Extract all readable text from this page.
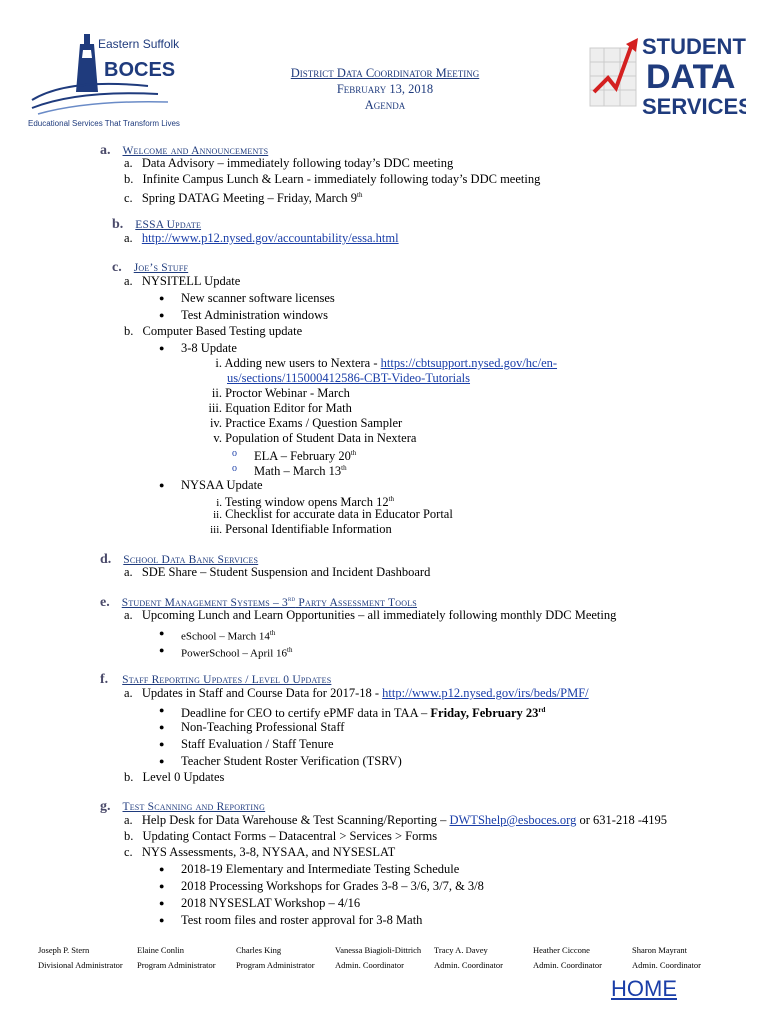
Eastern Suffolk
BOCES
Educational Services That Transform Lives
STUDENT
DATA
SERVICES
District Data Coordinator Meeting
February 13, 2018
Agenda
a. Welcome and Announcements
a. Data Advisory – immediately following today’s DDC meeting
b. Infinite Campus Lunch & Learn - immediately following today’s DDC meeting
c. Spring DATAG Meeting – Friday, March 9th
b. ESSA Update
a. http://www.p12.nysed.gov/accountability/essa.html
c. Joe’s Stuff
a. NYSITELL Update
● New scanner software licenses
● Test Administration windows
b. Computer Based Testing update
● 3-8 Update
i. Adding new users to Nextera - https://cbtsupport.nysed.gov/hc/en-
us/sections/115000412586-CBT-Video-Tutorials
ii. Proctor Webinar - March
iii. Equation Editor for Math
iv. Practice Exams / Question Sampler
v. Population of Student Data in Nextera
o ELA – February 20th
o Math – March 13th
● NYSAA Update
i. Testing window opens March 12th
ii. Checklist for accurate data in Educator Portal
iii. Personal Identifiable Information
d. School Data Bank Services
a. SDE Share – Student Suspension and Incident Dashboard
e. Student Management Systems – 3rd Party Assessment Tools
a. Upcoming Lunch and Learn Opportunities – all immediately following monthly DDC Meeting
● eSchool – March 14th
● PowerSchool – April 16th
f. Staff Reporting Updates / Level 0 Updates
a. Updates in Staff and Course Data for 2017-18 - http://www.p12.nysed.gov/irs/beds/PMF/
● Deadline for CEO to certify ePMF data in TAA – Friday, February 23rd
● Non-Teaching Professional Staff
● Staff Evaluation / Staff Tenure
● Teacher Student Roster Verification (TSRV)
b. Level 0 Updates
g. Test Scanning and Reporting
a. Help Desk for Data Warehouse & Test Scanning/Reporting – DWTShelp@esboces.org or 631-218 -4195
b. Updating Contact Forms – Datacentral > Services > Forms
c. NYS Assessments, 3-8, NYSAA, and NYSESLAT
● 2018-19 Elementary and Intermediate Testing Schedule
● 2018 Processing Workshops for Grades 3-8 – 3/6, 3/7, & 3/8
● 2018 NYSESLAT Workshop – 4/16
● Test room files and roster approval for 3-8 Math
Joseph P. Stern
Divisional Administrator
Elaine Conlin
Program Administrator
Charles King
Program Administrator
Vanessa Biagioli-Dittrich
Admin. Coordinator
Tracy A. Davey
Admin. Coordinator
Heather Ciccone
Admin. Coordinator
Sharon Mayrant
Admin. Coordinator
HOME
